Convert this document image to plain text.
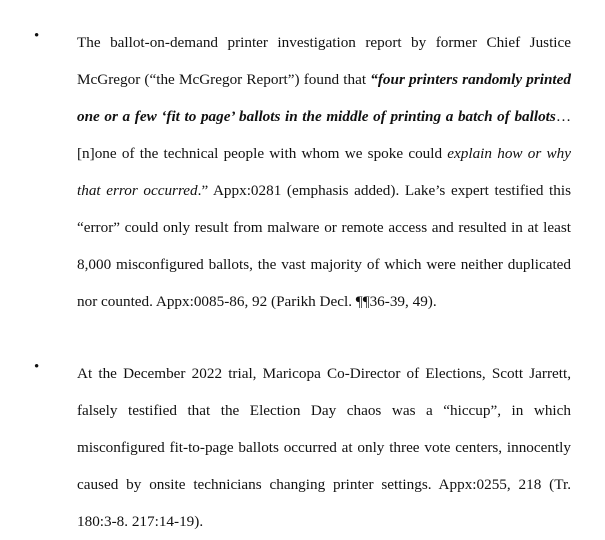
• The ballot-on-demand printer investigation report by former Chief Justice McGregor (“the McGregor Report”) found that “four printers randomly printed one or a few ‘fit to page’ ballots in the middle of printing a batch of ballots…[n]one of the technical people with whom we spoke could explain how or why that error occurred.” Appx:0281 (emphasis added). Lake’s expert testified this “error” could only result from malware or remote access and resulted in at least 8,000 misconfigured ballots, the vast majority of which were neither duplicated nor counted. Appx:0085-86, 92 (Parikh Decl. ¶¶36-39, 49).

• At the December 2022 trial, Maricopa Co-Director of Elections, Scott Jarrett, falsely testified that the Election Day chaos was a “hiccup”, in which misconfigured fit-to-page ballots occurred at only three vote centers, innocently caused by onsite technicians changing printer settings. Appx:0255, 218 (Tr. 180:3-8. 217:14-19).
